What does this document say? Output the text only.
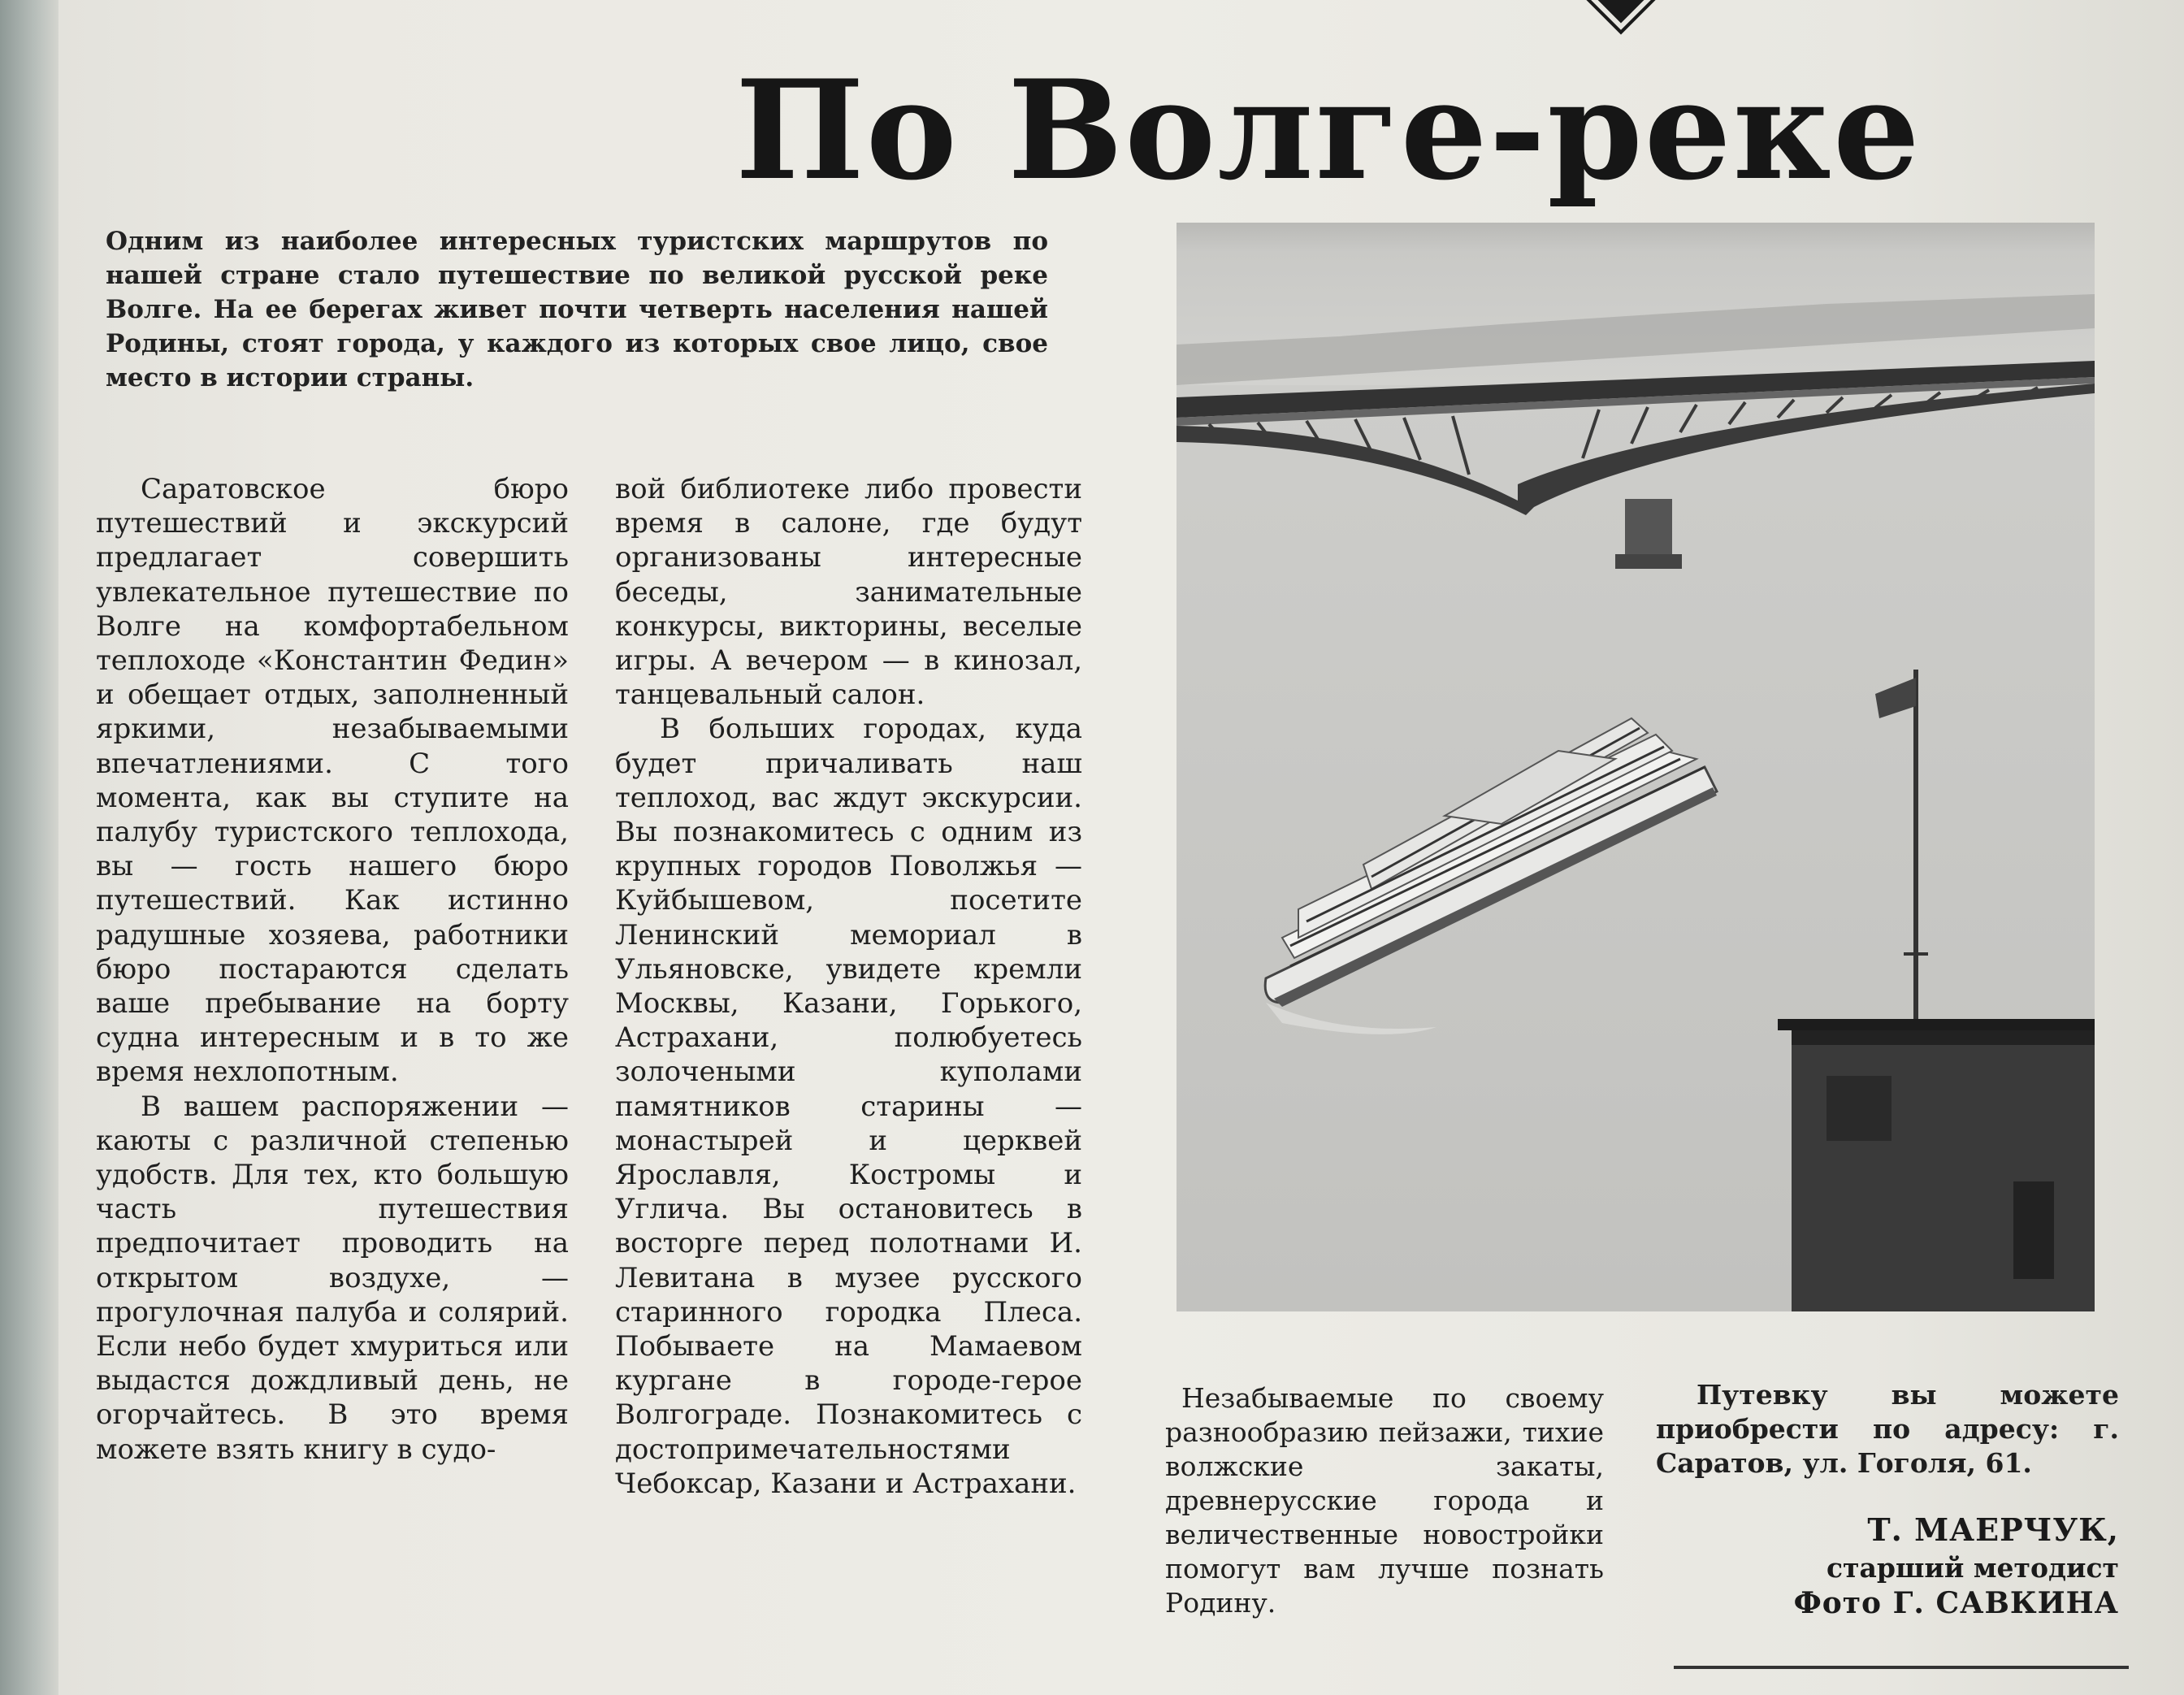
По Волге-реке

Одним из наиболее интересных туристских маршрутов по нашей стране стало путешествие по великой русской реке Волге. На ее берегах живет почти четверть населения нашей Родины, стоят города, у каждого из которых свое лицо, свое место в истории страны.

Саратовское бюро путешествий и экскурсий предлагает совершить увлекательное путешествие по Волге на комфортабельном теплоходе «Константин Федин» и обещает отдых, заполненный яркими, незабываемыми впечатлениями. С того момента, как вы ступите на палубу туристского теплохода, вы — гость нашего бюро путешествий. Как истинно радушные хозяева, работники бюро постараются сделать ваше пребывание на борту судна интересным и в то же время нехлопотным.

В вашем распоряжении — каюты с различной степенью удобств. Для тех, кто большую часть путешествия предпочитает проводить на открытом воздухе, — прогулочная палуба и солярий. Если небо будет хмуриться или выдастся дождливый день, не огорчайтесь. В это время можете взять книгу в судо-

вой библиотеке либо провести время в салоне, где будут организованы интересные беседы, занимательные конкурсы, викторины, веселые игры. А вечером — в кинозал, танцевальный салон.

В больших городах, куда будет причаливать наш теплоход, вас ждут экскурсии. Вы познакомитесь с одним из крупных городов Поволжья — Куйбышевом, посетите Ленинский мемориал в Ульяновске, увидете кремли Москвы, Казани, Горького, Астрахани, полюбуетесь золочеными куполами памятников старины — монастырей и церквей Ярославля, Костромы и Углича. Вы остановитесь в восторге перед полотнами И. Левитана в музее русского старинного городка Плеса. Побываете на Мамаевом кургане в городе-герое Волгограде. Познакомитесь с достопримечательностями Чебоксар, Казани и Астрахани.

Незабываемые по своему разнообразию пейзажи, тихие волжские закаты, древнерусские города и величественные новостройки помогут вам лучше познать Родину.

Путевку вы можете приобрести по адресу: г. Саратов, ул. Гоголя, 61.

Т. МАЕРЧУК,
старший методист
Фото Г. САВКИНА
